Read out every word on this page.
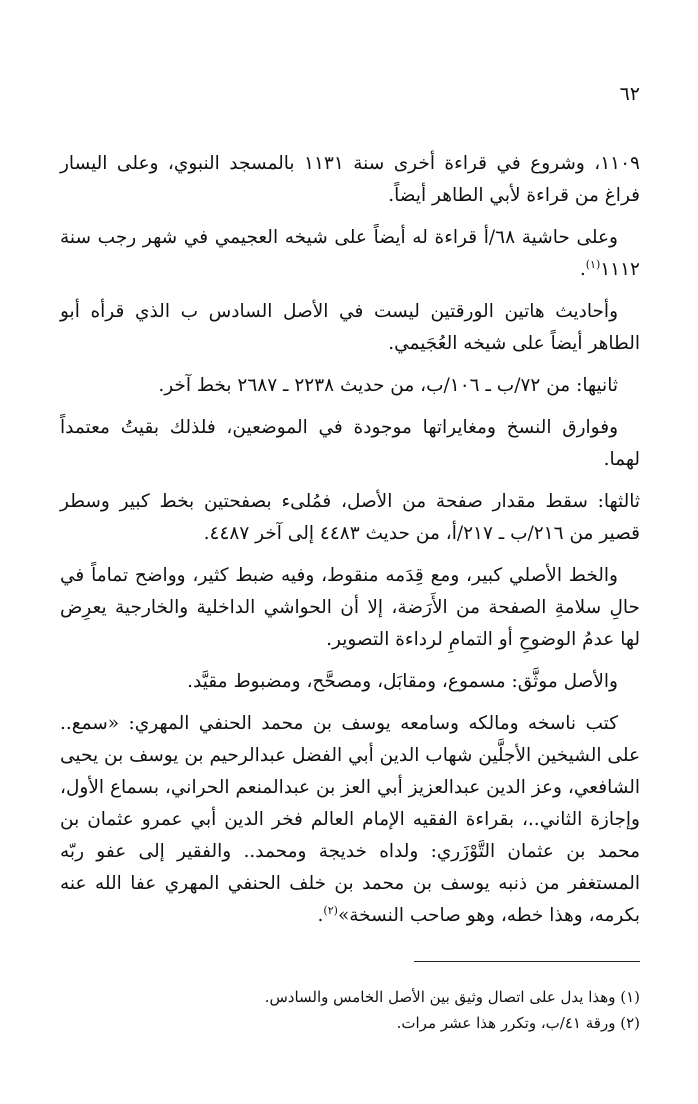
٦٢

١١٠٩، وشروع في قراءة أخرى سنة ١١٣١ بالمسجد النبوي، وعلى اليسار فراغ من قراءة لأبي الطاهر أيضاً.

وعلى حاشية ٦٨/أ قراءة له أيضاً على شيخه العجيمي في شهر رجب سنة ١١١٢$^{(١)}$.

وأحاديث هاتين الورقتين ليست في الأصل السادس ب الذي قرأه أبو الطاهر أيضاً على شيخه العُجَيمي.

ثانيها: من ٧٢/ب ـ ١٠٦/ب، من حديث ٢٢٣٨ ـ ٢٦٨٧ بخط آخر.

وفوارق النسخ ومغايراتها موجودة في الموضعين، فلذلك بقيتُ معتمداً لهما.

ثالثها: سقط مقدار صفحة من الأصل، فمُلىء بصفحتين بخط كبير وسطر قصير من ٢١٦/ب ـ ٢١٧/أ، من حديث ٤٤٨٣ إلى آخر ٤٤٨٧.

والخط الأصلي كبير، ومع قِدَمه منقوط، وفيه ضبط كثير، وواضح تماماً في حالِ سلامةِ الصفحة من الأَرَضة، إلا أن الحواشي الداخلية والخارجية يعرِض لها عدمُ الوضوحِ أو التمامِ لرداءة التصوير.

والأصل موثَّق: مسموع، ومقابَل، ومصحَّح، ومضبوط مقيَّد.

كتب ناسخه ومالكه وسامعه يوسف بن محمد الحنفي المهري: «سمع.. على الشيخين الأجلَّين شهاب الدين أبي الفضل عبدالرحيم بن يوسف بن يحيى الشافعي، وعز الدين عبدالعزيز أبي العز بن عبدالمنعم الحراني، بسماع الأول، وإجازة الثاني..، بقراءة الفقيه الإمام العالم فخر الدين أبي عمرو عثمان بن محمد بن عثمان التَّوْزَري: ولداه خديجة ومحمد.. والفقير إلى عفو ربّه المستغفر من ذنبه يوسف بن محمد بن خلف الحنفي المهري عفا الله عنه بكرمه، وهذا خطه، وهو صاحب النسخة»$^{(٢)}$.

(١) وهذا يدل على اتصال وثيق بين الأصل الخامس والسادس.
(٢) ورقة ٤١/ب، وتكرر هذا عشر مرات.
